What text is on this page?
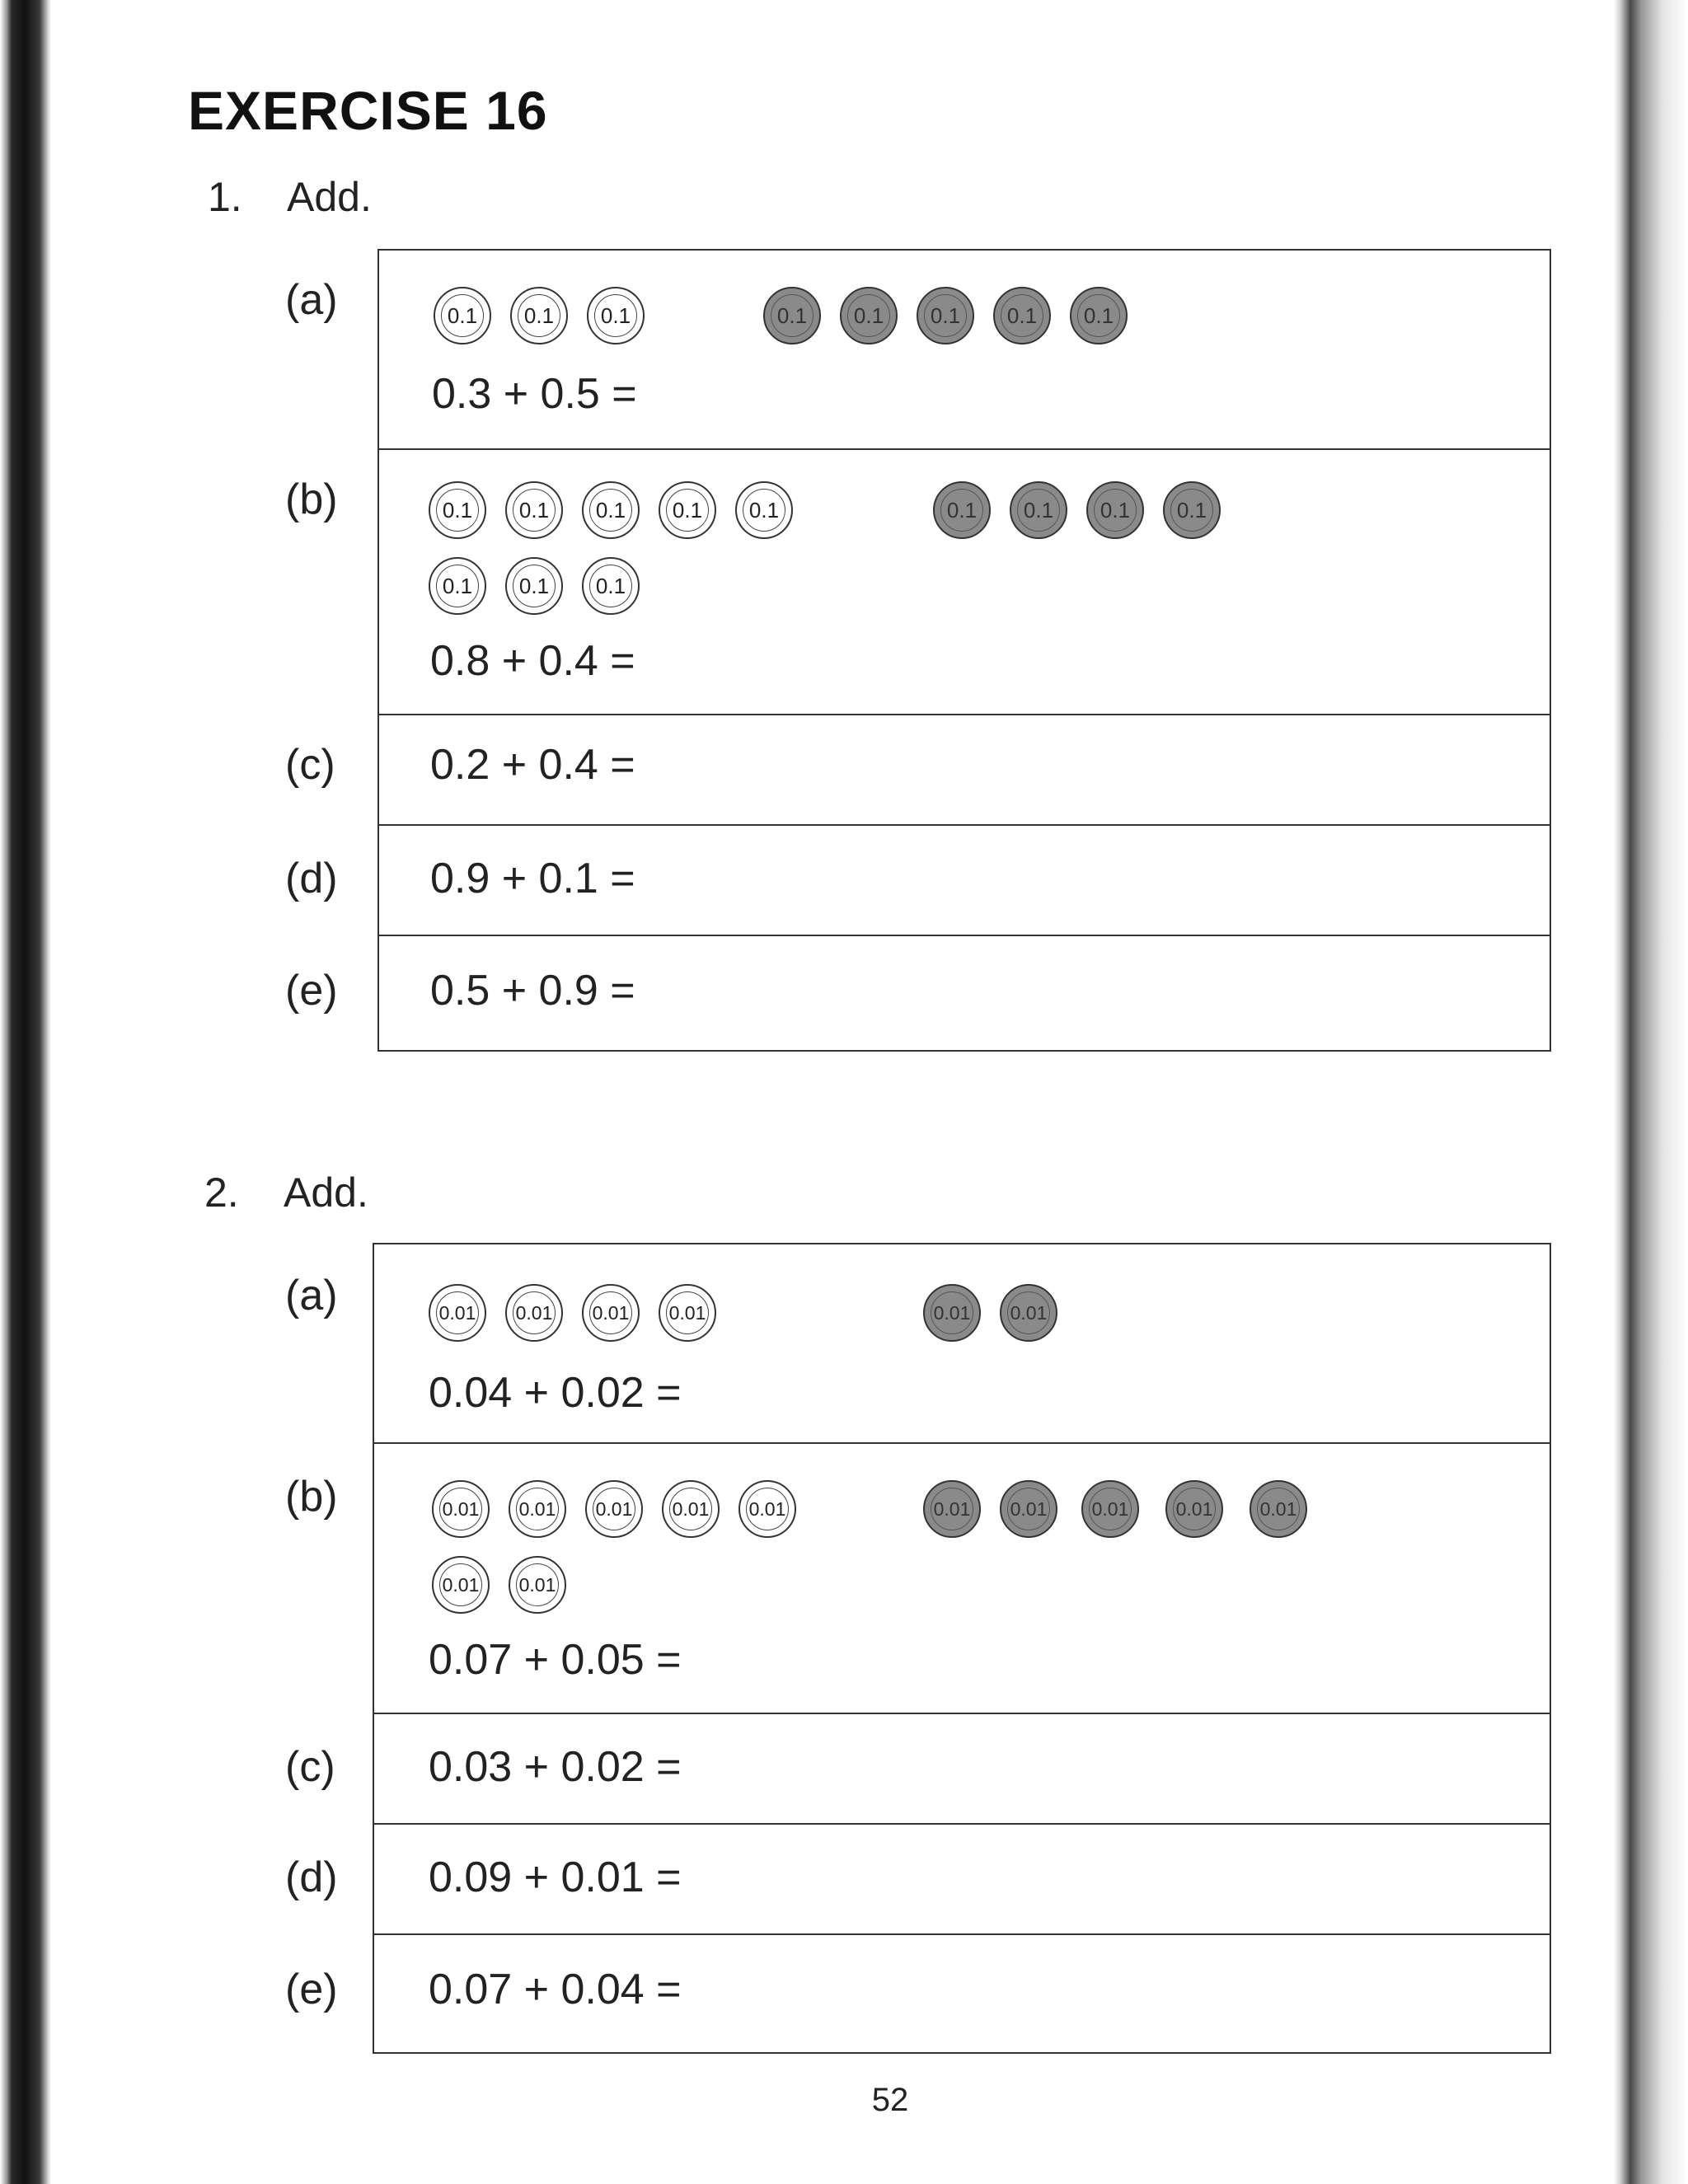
EXERCISE 16
1. Add.
(a)	0.1	0.1	0.1	0.1	0.1	0.1	0.1	0.1
0.3 + 0.5 =
(b)	0.1	0.1	0.1	0.1	0.1	0.1	0.1	0.1	0.1
0.1	0.1	0.1
0.8 + 0.4 =
(c) 0.2 + 0.4 =
(d) 0.9 + 0.1 =
(e) 0.5 + 0.9 =
2. Add.
(a)	0.01	0.01	0.01	0.01	0.01	0.01
0.04 + 0.02 =
(b)	0.01	0.01	0.01	0.01	0.01	0.01	0.01	0.01	0.01	0.01
0.01	0.01
0.07 + 0.05 =
(c) 0.03 + 0.02 =
(d) 0.09 + 0.01 =
(e) 0.07 + 0.04 =
52
